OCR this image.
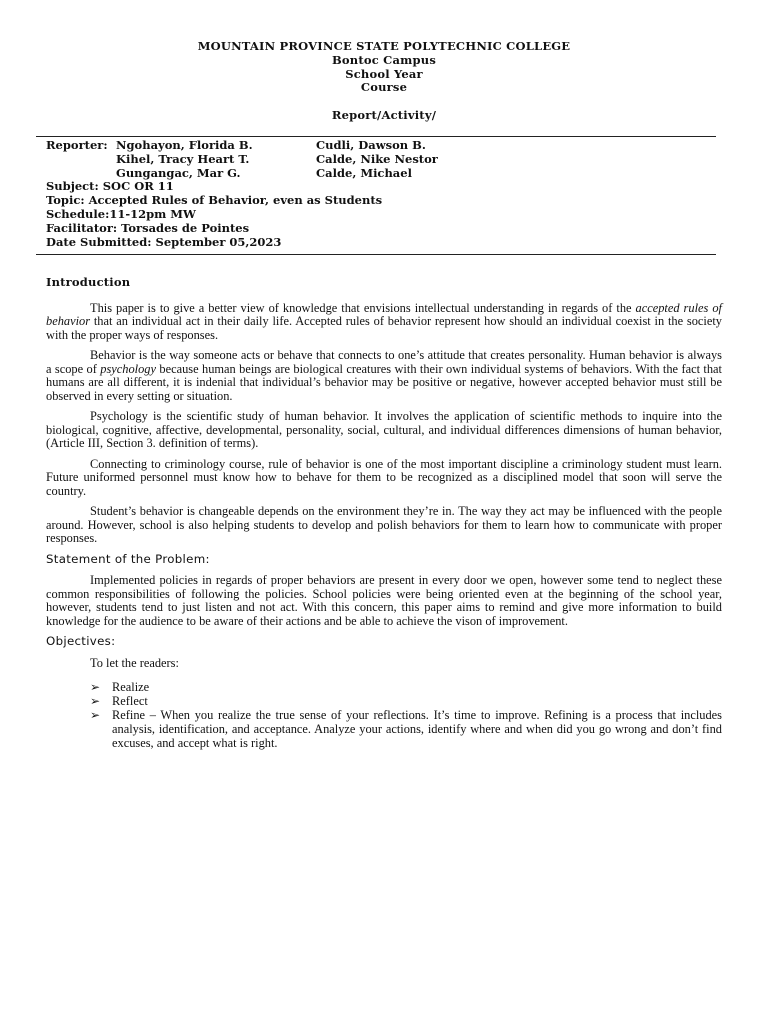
MOUNTAIN PROVINCE STATE POLYTECHNIC COLLEGE
Bontoc Campus
School Year
Course
Report/Activity/
Reporter: Ngohayon, Florida B.	Cudli, Dawson B.
Kihel, Tracy Heart T.	Calde, Nike Nestor
Gungangac, Mar G.	Calde, Michael
Subject: SOC OR 11
Topic: Accepted Rules of Behavior, even as Students
Schedule:11-12pm MW
Facilitator: Torsades de Pointes
Date Submitted: September 05,2023
Introduction

This paper is to give a better view of knowledge that envisions intellectual understanding in regards of the accepted rules of behavior that an individual act in their daily life. Accepted rules of behavior represent how should an individual coexist in the society with the proper ways of responses.

Behavior is the way someone acts or behave that connects to one’s attitude that creates personality. Human behavior is always a scope of psychology because human beings are biological creatures with their own individual systems of behaviors. With the fact that humans are all different, it is indenial that individual’s behavior may be positive or negative, however accepted behavior must still be observed in every setting or situation.

Psychology is the scientific study of human behavior. It involves the application of scientific methods to inquire into the biological, cognitive, affective, developmental, personality, social, cultural, and individual differences dimensions of human behavior, (Article III, Section 3. definition of terms).

Connecting to criminology course, rule of behavior is one of the most important discipline a criminology student must learn. Future uniformed personnel must know how to behave for them to be recognized as a disciplined model that soon will serve the country.

Student’s behavior is changeable depends on the environment they’re in. The way they act may be influenced with the people around. However, school is also helping students to develop and polish behaviors for them to learn how to communicate with proper responses.

Statement of the Problem:

Implemented policies in regards of proper behaviors are present in every door we open, however some tend to neglect these common responsibilities of following the policies. School policies were being oriented even at the beginning of the school year, however, students tend to just listen and not act. With this concern, this paper aims to remind and give more information to build knowledge for the audience to be aware of their actions and be able to achieve the vison of improvement.

Objectives:
To let the readers:
➢ Realize
➢ Reflect
➢ Refine – When you realize the true sense of your reflections. It’s time to improve. Refining is a process that includes analysis, identification, and acceptance. Analyze your actions, identify where and when did you go wrong and don’t find excuses, and accept what is right.
